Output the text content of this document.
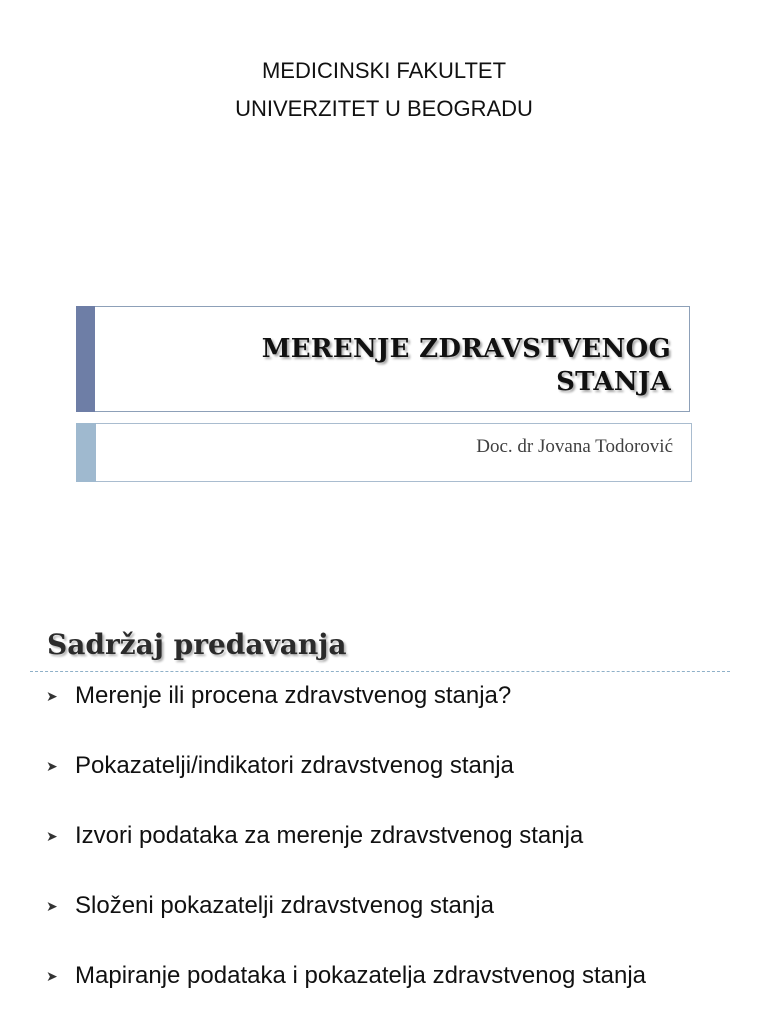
MEDICINSKI FAKULTET
UNIVERZITET U BEOGRADU
MERENJE ZDRAVSTVENOG
STANJA
Doc. dr Jovana Todorović
Sadržaj predavanja
➤ Merenje ili procena zdravstvenog stanja?
➤ Pokazatelji/indikatori zdravstvenog stanja
➤ Izvori podataka za merenje zdravstvenog stanja
➤ Složeni pokazatelji zdravstvenog stanja
➤ Mapiranje podataka i pokazatelja zdravstvenog stanja
